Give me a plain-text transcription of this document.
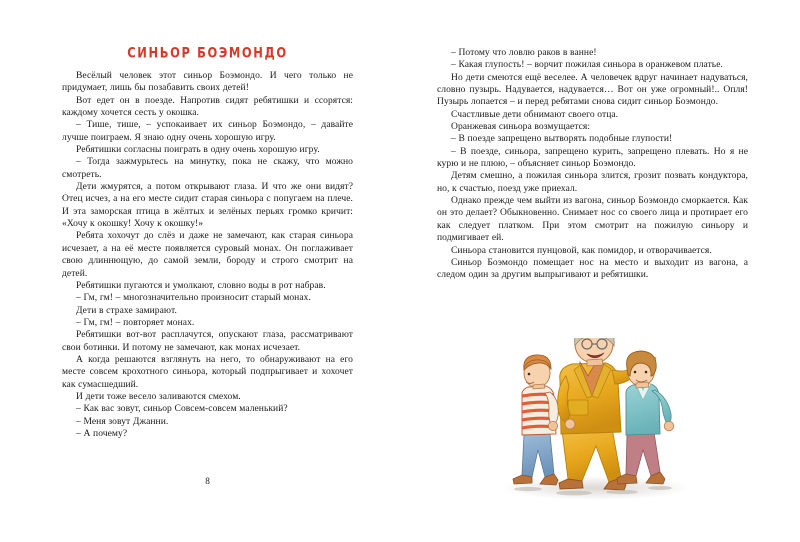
СИНЬОР БОЭМОНДО

Весёлый человек этот синьор Боэмондо. И чего только не придумает, лишь бы позабавить своих детей!

Вот едет он в поезде. Напротив сидят ребятишки и ссорятся: каждому хочется сесть у окошка.

– Тише, тише, – успокаивает их синьор Боэмондо, – давайте лучше поиграем. Я знаю одну очень хорошую игру.

Ребятишки согласны поиграть в одну очень хорошую игру.

– Тогда зажмурьтесь на минутку, пока не скажу, что можно смотреть.

Дети жмурятся, а потом открывают глаза. И что же они видят? Отец исчез, а на его месте сидит старая синьора с попугаем на плече. И эта заморская птица в жёлтых и зелёных перьях громко кричит: «Хочу к окошку! Хочу к окошку!»

Ребята хохочут до слёз и даже не замечают, как старая синьора исчезает, а на её месте появляется суровый монах. Он поглаживает свою длиннющую, до самой земли, бороду и строго смотрит на детей.

Ребятишки пугаются и умолкают, словно воды в рот набрав.

– Гм, гм! – многозначительно произносит старый монах.

Дети в страхе замирают.

– Гм, гм! – повторяет монах.

Ребятишки вот-вот расплачутся, опускают глаза, рассматривают свои ботинки. И потому не замечают, как монах исчезает.

А когда решаются взглянуть на него, то обнаруживают на его месте совсем крохотного синьора, который подпрыгивает и хохочет как сумасшедший.

И дети тоже весело заливаются смехом.

– Как вас зовут, синьор Совсем-совсем маленький?

– Меня зовут Джанни.

– А почему?

8

– Потому что ловлю раков в ванне!

– Какая глупость! – ворчит пожилая синьора в оранжевом платье.

Но дети смеются ещё веселее. А человечек вдруг начинает надуваться, словно пузырь. Надувается, надувается… Вот он уже огромный!.. Опля! Пузырь лопается – и перед ребятами снова сидит синьор Боэмондо.

Счастливые дети обнимают своего отца.

Оранжевая синьора возмущается:

– В поезде запрещено вытворять подобные глупости!

– В поезде, синьора, запрещено курить, запрещено плевать. Но я не курю и не плюю, – объясняет синьор Боэмондо.

Детям смешно, а пожилая синьора злится, грозит позвать кондуктора, но, к счастью, поезд уже приехал.

Однако прежде чем выйти из вагона, синьор Боэмондо сморкается. Как он это делает? Обыкновенно. Снимает нос со своего лица и протирает его как следует платком. При этом смотрит на пожилую синьору и подмигивает ей.

Синьора становится пунцовой, как помидор, и отворачивается.

Синьор Боэмондо помещает нос на место и выходит из вагона, а следом один за другим выпрыгивают и ребятишки.
